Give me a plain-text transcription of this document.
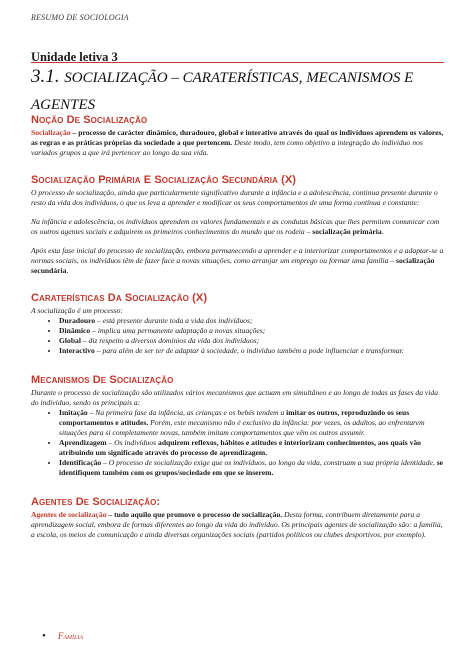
RESUMO DE SOCIOLOGIA
Unidade letiva 3
3.1. SOCIALIZAÇÃO – CARATERÍSTICAS, MECANISMOS E
AGENTES
Noção De Socialização

Socialização – processo de carácter dinâmico, duradouro, global e interativo através do qual os indivíduos aprendem os valores, as regras e as práticas próprias da sociedade a que pertencem. Deste modo, tem como objetivo a integração do indivíduo nos variados grupos a que irá pertencer ao longo da sua vida.

Socialização Primária E Socialização Secundária (X)

O processo de socialização, ainda que particularmente significativo durante a infância e a adolescência, continua presente durante o resto da vida dos indivíduos, o que os leva a aprender e modificar os seus comportamentos de uma forma contínua e constante:

Na infância e adolescência, os indivíduos aprendem os valores fundamentais e as condutas básicas que lhes permitem comunicar com os outros agentes sociais e adquirem os primeiros conhecimentos do mundo que os rodeia – socialização primária.

Após esta fase inicial do processo de socialização, embora permanecendo a aprender e a interiorizar comportamentos e a adaptar-se a normas sociais, os indivíduos têm de fazer face a novas situações, como arranjar um emprego ou formar uma família – socialização secundária.

Caraterísticas Da Socialização (X)
A socialização é um processo:
• Duradouro – está presente durante toda a vida dos indivíduos;
• Dinâmico – implica uma permanente adaptação a novas situações;
• Global – diz respeito a diversos domínios da vida dos indivíduos;
• Interactivo – para além de ser ter de adaptar à sociedade, o indivíduo também a pode influenciar e transformar.
Mecanismos De Socialização
Durante o processo de socialização são utilizados vários mecanismos que actuam em simultâneo e ao longo de todas as fases da vida do indivíduo, sendo os principais a:
• Imitação – Na primeira fase da infância, as crianças e os bebés tendem a imitar os outros, reproduzindo os seus comportamentos e atitudes. Porém, este mecanismo não é exclusivo da infância: por vezes, os adultos, ao enfrentarem situações para si completamente novas, também imitam comportamentos que vêm os outros assumir.
• Aprendizagem – Os indivíduos adquirem reflexos, hábitos e atitudes e interiorizam conhecimentos, aos quais vão atribuindo um significado através do processo de aprendizagem.
• Identificação – O processo de socialização exige que os indivíduos, ao longo da vida, construam a sua própria identidade, se identifiquem também com os grupos/sociedade em que se inserem.
Agentes De Socialização:

Agentes de socialização – tudo aquilo que promove o processo de socialização. Desta forma, contribuem diretamente para a aprendizagem social, embora de formas diferentes ao longo da vida do indivíduo. Os principais agentes de socialização são: a família, a escola, os meios de comunicação e ainda diversas organizações sociais (partidos políticos ou clubes desportivos, por exemplo).

• Família
